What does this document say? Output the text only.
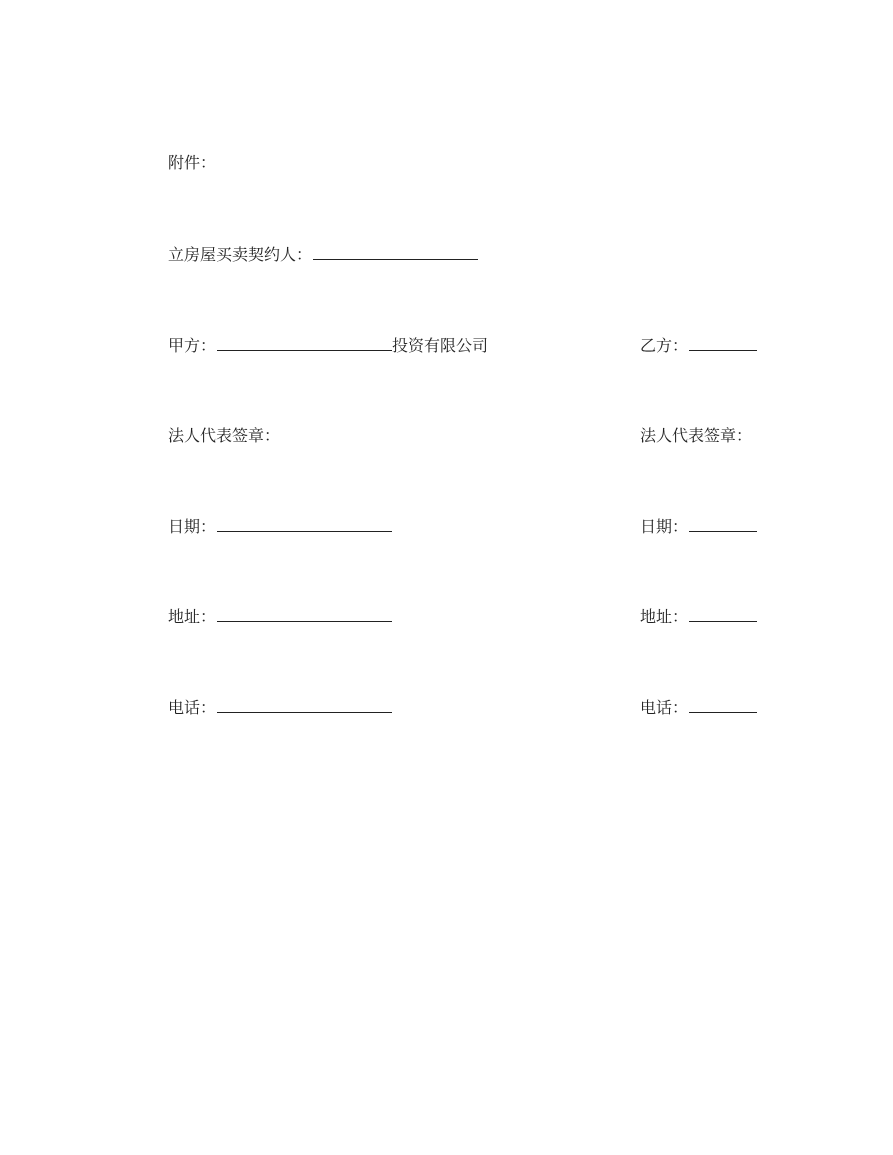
附件：
立房屋买卖契约人：
甲方：	投资有限公司	乙方：
法人代表签章：	法人代表签章：
日期：	日期：
地址：	地址：
电话：	电话：
